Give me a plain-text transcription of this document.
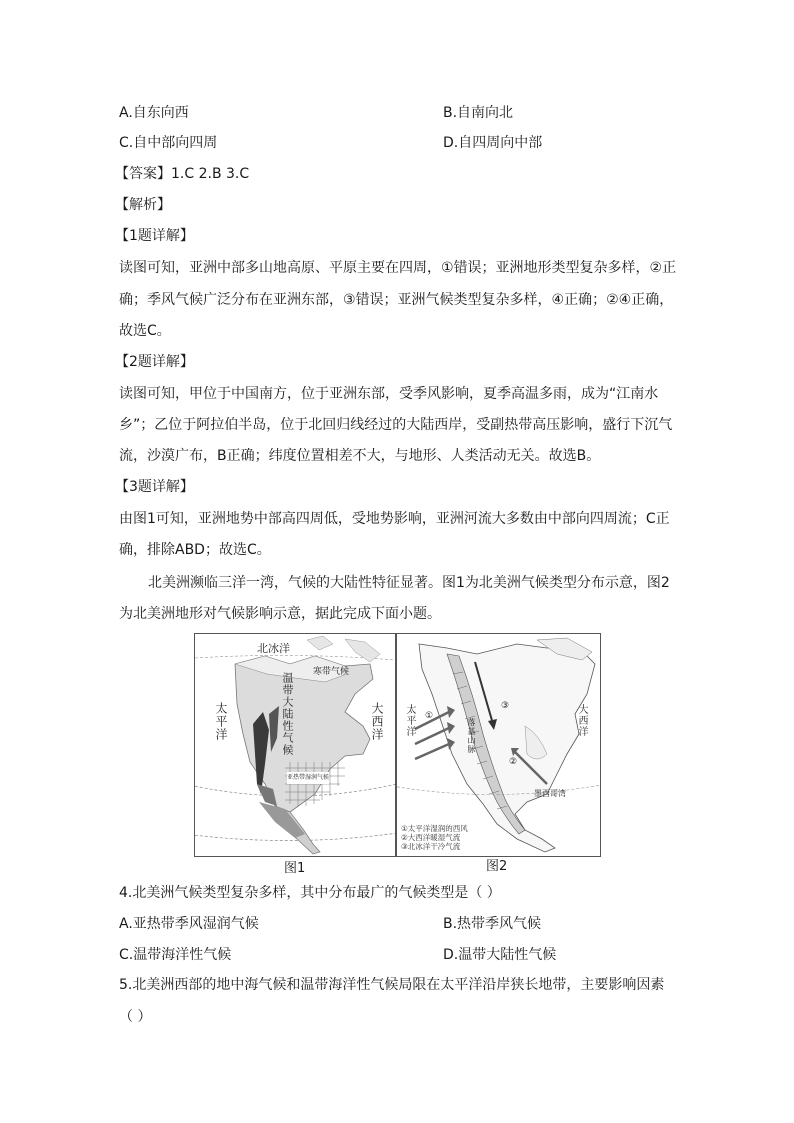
A.自东向西	B.自南向北
C.自中部向四周	D.自四周向中部
【答案】1.C 2.B 3.C
【解析】
【1题详解】
读图可知，亚洲中部多山地高原、平原主要在四周，①错误；亚洲地形类型复杂多样，②正
确；季风气候广泛分布在亚洲东部，③错误；亚洲气候类型复杂多样，④正确；②④正确，
故选C。
【2题详解】
读图可知，甲位于中国南方，位于亚洲东部，受季风影响，夏季高温多雨，成为“江南水
乡”；乙位于阿拉伯半岛，位于北回归线经过的大陆西岸，受副热带高压影响，盛行下沉气
流，沙漠广布，B正确；纬度位置相差不大，与地形、人类活动无关。故选B。
【3题详解】
由图1可知，亚洲地势中部高四周低，受地势影响，亚洲河流大多数由中部向四周流；C正
确，排除ABD；故选C。
北美洲濒临三洋一湾，气候的大陆性特征显著。图1为北美洲气候类型分布示意，图2
为北美洲地形对气候影响示意，据此完成下面小题。
北冰洋
寒带气候
温带大陆性气候
太平洋	大西洋
亚热带湿润气候
图1
太平洋	大西洋
墨西哥湾
落基山脉
①
②
③
①太平洋湿润的西风
②大西洋暖湿气流
③北冰洋干冷气流
图2
4.北美洲气候类型复杂多样，其中分布最广的气候类型是（ ）
A.亚热带季风湿润气候	B.热带季风气候
C.温带海洋性气候	D.温带大陆性气候
5.北美洲西部的地中海气候和温带海洋性气候局限在太平洋沿岸狭长地带，主要影响因素
（ ）
